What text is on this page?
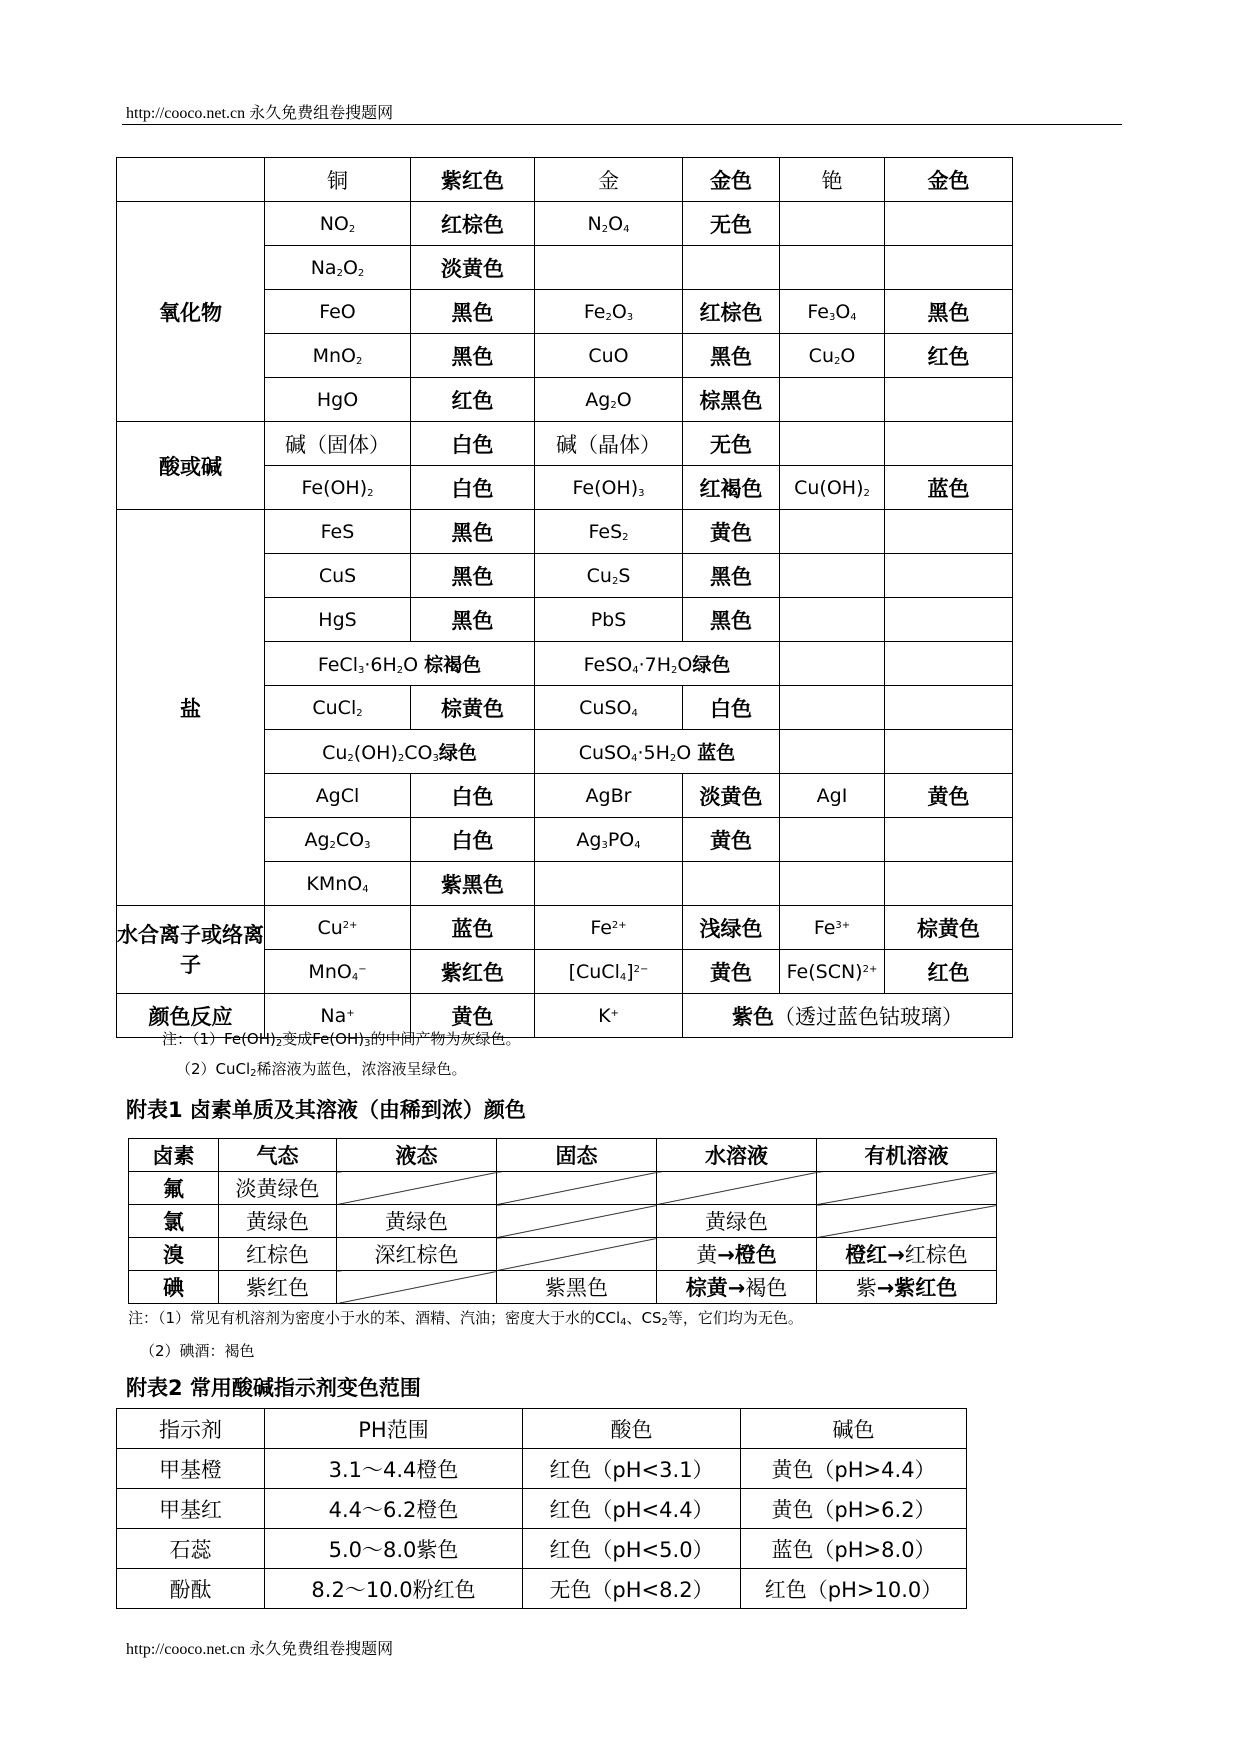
http://cooco.net.cn 永久免费组卷搜题网
	铜	紫红色	金	金色	铯	金色
氧化物	$NO_2$	红棕色	$N_2O_4$	无色		
	$Na_2O_2$	淡黄色				
	FeO	黑色	$Fe_2O_3$	红棕色	$Fe_3O_4$	黑色
	MnO$_2$	黑色	CuO	黑色	$Cu_2O$	红色
	HgO	红色	$Ag_2O$	棕黑色		
酸或碱	碱（固体）	白色	碱（晶体）	无色		
	$Fe(OH)_2$	白色	$Fe(OH)_3$	红褐色	$Cu(OH)_2$	蓝色
盐	FeS	黑色	FeS$_2$	黄色		
	CuS	黑色	$Cu_2S$	黑色		
	HgS	黑色	PbS	黑色		
	$FeCl_3\cdot 6H_2O$ 棕褐色		$FeSO_4\cdot 7H_2O$绿色			
	CuCl$_2$	棕黄色	CuSO$_4$	白色		
	$Cu_2(OH)_2CO_3$绿色		$CuSO_4\cdot 5H_2O$ 蓝色			
	AgCl	白色	AgBr	淡黄色	AgI	黄色
	$Ag_2CO_3$	白色	$Ag_3PO_4$	黄色		
	KMnO$_4$	紫黑色				
水合离子或络离子	$Cu^{2+}$	蓝色	$Fe^{2+}$	浅绿色	$Fe^{3+}$	棕黄色
	MnO$_4$−	紫红色	[CuCl$_4$]$^{2-}$	黄色	Fe(SCN)$^{2+}$	红色
颜色反应	Na+	黄色	K+	紫色（透过蓝色钴玻璃）		
注：$(1)Fe(OH)_2$变成$Fe(OH)_3$的中间产物为灰绿色。
（2）CuCl$_2$稀溶液为蓝色，浓溶液呈绿色。
附表1 卤素单质及其溶液（由稀到浓）颜色
卤素	气态	液态	固态	水溶液	有机溶液
氟	淡黄绿色				
氯	黄绿色	黄绿色		黄绿色	
溴	红棕色	深红棕色		黄→橙色	橙红→红棕色
碘	紫红色		紫黑色	棕黄→褐色	紫→紫红色
注：（1）常见有机溶剂为密度小于水的苯、酒精、汽油；密度大于水的CCl$_4$、$CS_2$等，它们均为无色。
（2）碘酒：褐色
附表2 常用酸碱指示剂变色范围
指示剂	PH范围	酸色	碱色
甲基橙	3.1～4.4橙色	红色（pH<3.1）	黄色（pH>4.4）
甲基红	4.4～6.2橙色	红色（pH<4.4）	黄色（pH>6.2）
石蕊	5.0～8.0紫色	红色（pH<5.0）	蓝色（pH>8.0）
酚酞	8.2～10.0粉红色	无色（pH<8.2）	红色（pH>10.0）
http://cooco.net.cn 永久免费组卷搜题网
